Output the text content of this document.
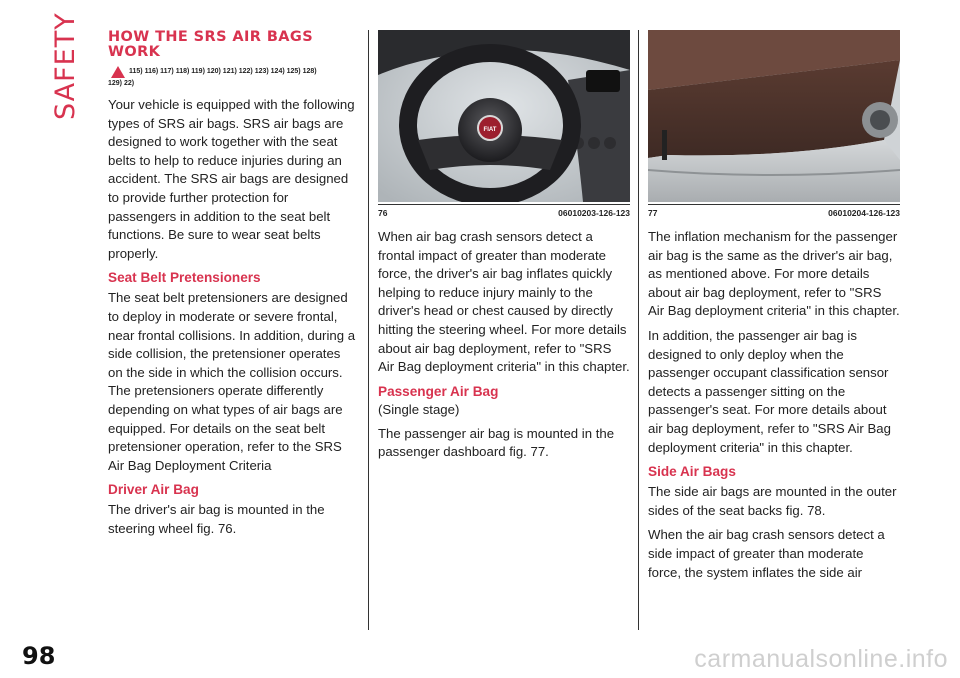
SAFETY HOW THE SRS AIR BAGS
WORK
115) 116) 117) 118) 119) 120) 121) 122) 123) 124) 125) 128)
129) 22)

Your vehicle is equipped with the following types of SRS air bags. SRS air bags are designed to work together with the seat belts to help to reduce injuries during an accident. The SRS air bags are designed to provide further protection for passengers in addition to the seat belt functions. Be sure to wear seat belts properly.

Seat Belt Pretensioners

The seat belt pretensioners are designed to deploy in moderate or severe frontal, near frontal collisions. In addition, during a side collision, the pretensioner operates on the side in which the collision occurs. The pretensioners operate differently depending on what types of air bags are equipped. For details on the seat belt pretensioner operation, refer to the SRS Air Bag Deployment Criteria

Driver Air Bag

The driver's air bag is mounted in the steering wheel fig. 76.

FIAT
76	06010203-126-123

When air bag crash sensors detect a frontal impact of greater than moderate force, the driver's air bag inflates quickly helping to reduce injury mainly to the driver's head or chest caused by directly hitting the steering wheel. For more details about air bag deployment, refer to "SRS Air Bag deployment criteria" in this chapter.

Passenger Air Bag
(Single stage)

The passenger air bag is mounted in the passenger dashboard fig. 77.

77	06010204-126-123

The inflation mechanism for the passenger air bag is the same as the driver's air bag, as mentioned above. For more details about air bag deployment, refer to "SRS Air Bag deployment criteria" in this chapter.

In addition, the passenger air bag is designed to only deploy when the passenger occupant classification sensor detects a passenger sitting on the passenger's seat. For more details about air bag deployment, refer to "SRS Air Bag deployment criteria" in this chapter.

Side Air Bags

The side air bags are mounted in the outer sides of the seat backs fig. 78.

When the air bag crash sensors detect a side impact of greater than moderate force, the system inflates the side air

98	carmanualsonline.info
